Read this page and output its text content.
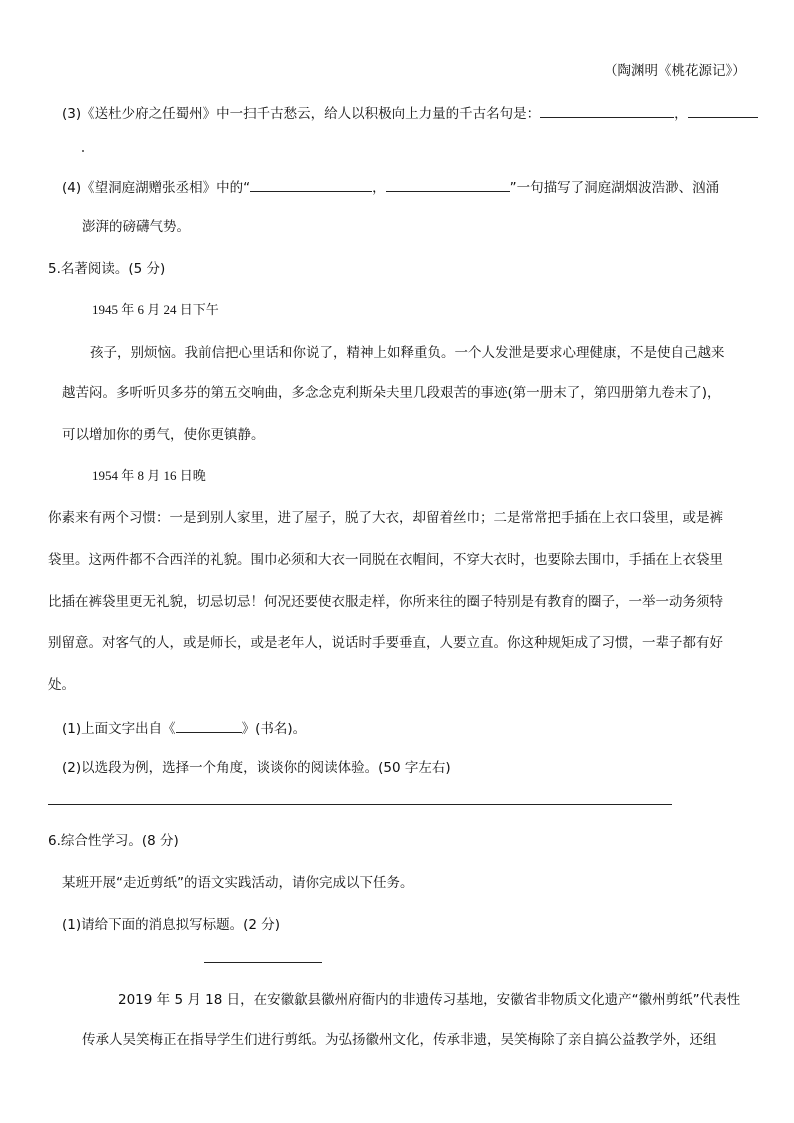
（陶渊明《桃花源记》）
(3)《送杜少府之任蜀州》中一扫千古愁云，给人以积极向上力量的千古名句是：	，
(4)《望洞庭湖赠张丞相》中的“	，	”一句描写了洞庭湖烟波浩渺、汹涌
澎湃的磅礴气势。
5.名著阅读。(5 分)
1945 年 6 月 24 日下午
孩子，别烦恼。我前信把心里话和你说了，精神上如释重负。一个人发泄是要求心理健康，不是使自己越来
越苦闷。多听听贝多芬的第五交响曲，多念念克利斯朵夫里几段艰苦的事迹(第一册末了，第四册第九卷末了)，
可以增加你的勇气，使你更镇静。
1954 年 8 月 16 日晚
你素来有两个习惯：一是到别人家里，进了屋子，脱了大衣，却留着丝巾；二是常常把手插在上衣口袋里，或是裤
袋里。这两件都不合西洋的礼貌。围巾必须和大衣一同脱在衣帽间，不穿大衣时，也要除去围巾，手插在上衣袋里
比插在裤袋里更无礼貌，切忌切忌！何况还要使衣服走样，你所来往的圈子特别是有教育的圈子，一举一动务须特
别留意。对客气的人，或是师长，或是老年人，说话时手要垂直，人要立直。你这种规矩成了习惯，一辈子都有好
处。
(1)上面文字出自《	》(书名)。
(2)以选段为例，选择一个角度，谈谈你的阅读体验。(50 字左右)
6.综合性学习。(8 分)
某班开展“走近剪纸”的语文实践活动，请你完成以下任务。
(1)请给下面的消息拟写标题。(2 分)
2019 年 5 月 18 日，在安徽歙县徽州府衙内的非遗传习基地，安徽省非物质文化遗产“徽州剪纸”代表性
传承人吴笑梅正在指导学生们进行剪纸。为弘扬徽州文化，传承非遗，吴笑梅除了亲自搞公益教学外，还组
